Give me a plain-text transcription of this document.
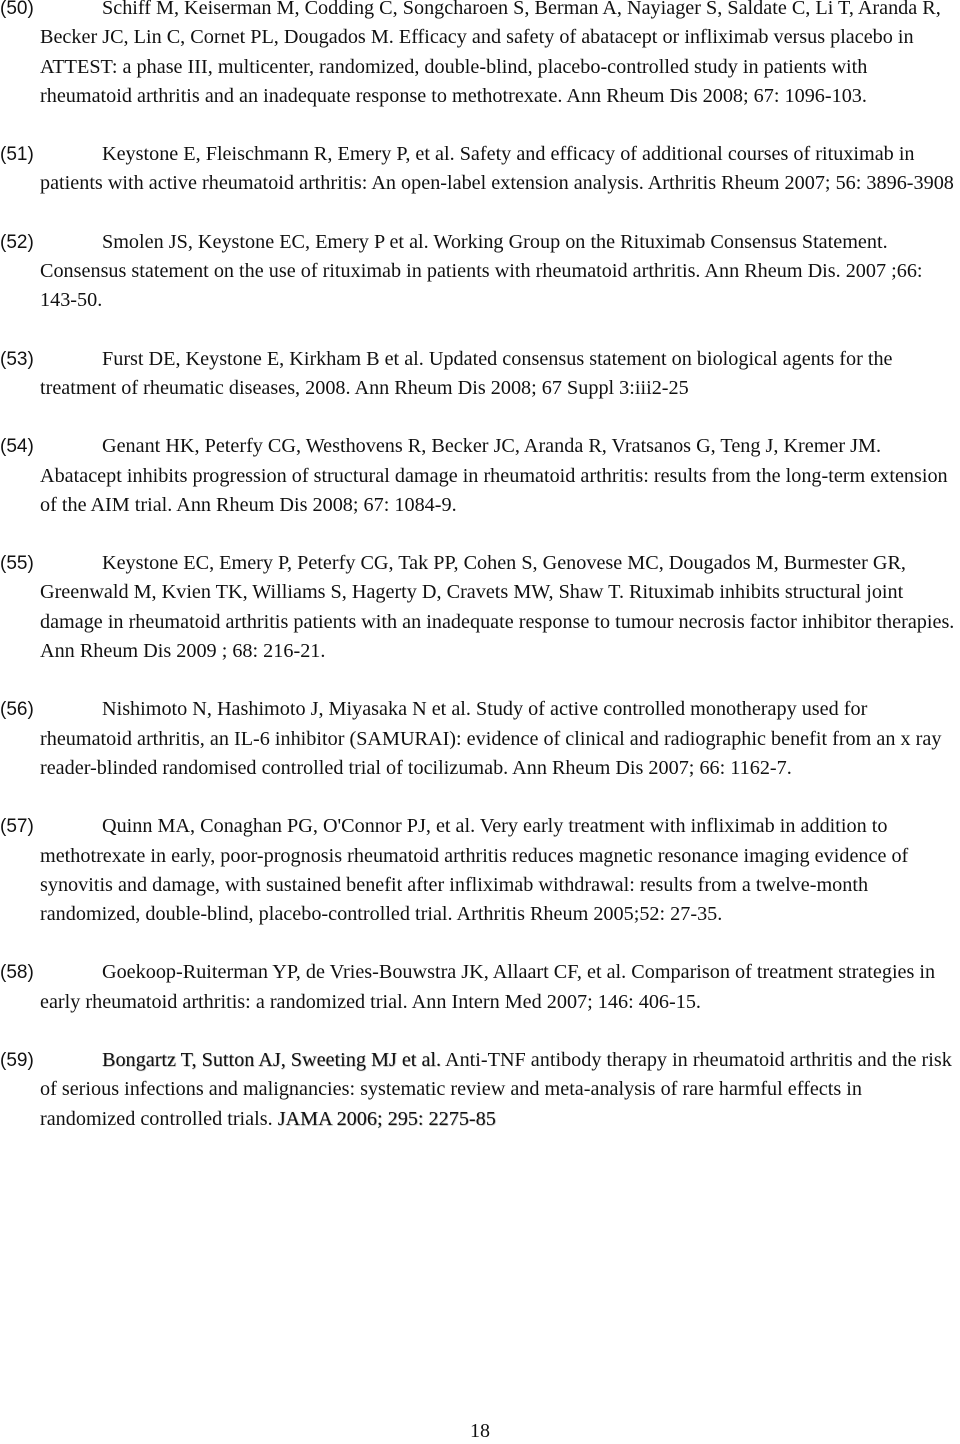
(50)	Schiff M, Keiserman M, Codding C, Songcharoen S, Berman A, Nayiager S, Saldate C, Li T, Aranda R, Becker JC, Lin C, Cornet PL, Dougados M. Efficacy and safety of abatacept or infliximab versus placebo in ATTEST: a phase III, multicenter, randomized, double-blind, placebo-controlled study in patients with rheumatoid arthritis and an inadequate response to methotrexate. Ann Rheum Dis 2008; 67: 1096-103.
(51)	Keystone E, Fleischmann R, Emery P, et al. Safety and efficacy of additional courses of rituximab in patients with active rheumatoid arthritis: An open-label extension analysis. Arthritis Rheum 2007; 56: 3896-3908
(52)	Smolen JS, Keystone EC, Emery P et al. Working Group on the Rituximab Consensus Statement. Consensus statement on the use of rituximab in patients with rheumatoid arthritis. Ann Rheum Dis. 2007 ;66: 143-50.
(53)	Furst DE, Keystone E, Kirkham B et al. Updated consensus statement on biological agents for the treatment of rheumatic diseases, 2008. Ann Rheum Dis 2008; 67 Suppl 3:iii2-25
(54)	Genant HK, Peterfy CG, Westhovens R, Becker JC, Aranda R, Vratsanos G, Teng J, Kremer JM. Abatacept inhibits progression of structural damage in rheumatoid arthritis: results from the long-term extension of the AIM trial. Ann Rheum Dis 2008; 67: 1084-9.
(55)	Keystone EC, Emery P, Peterfy CG, Tak PP, Cohen S, Genovese MC, Dougados M, Burmester GR, Greenwald M, Kvien TK, Williams S, Hagerty D, Cravets MW, Shaw T. Rituximab inhibits structural joint damage in rheumatoid arthritis patients with an inadequate response to tumour necrosis factor inhibitor therapies. Ann Rheum Dis 2009 ; 68: 216-21.
(56)	Nishimoto N, Hashimoto J, Miyasaka N et al. Study of active controlled monotherapy used for rheumatoid arthritis, an IL-6 inhibitor (SAMURAI): evidence of clinical and radiographic benefit from an x ray reader-blinded randomised controlled trial of tocilizumab. Ann Rheum Dis 2007; 66: 1162-7.
(57)	Quinn MA, Conaghan PG, O'Connor PJ, et al. Very early treatment with infliximab in addition to methotrexate in early, poor-prognosis rheumatoid arthritis reduces magnetic resonance imaging evidence of synovitis and damage, with sustained benefit after infliximab withdrawal: results from a twelve-month randomized, double-blind, placebo-controlled trial. Arthritis Rheum 2005;52: 27-35.
(58)	Goekoop-Ruiterman YP, de Vries-Bouwstra JK, Allaart CF, et al. Comparison of treatment strategies in early rheumatoid arthritis: a randomized trial. Ann Intern Med 2007; 146: 406-15.
(59)	Bongartz T, Sutton AJ, Sweeting MJ et al. Anti-TNF antibody therapy in rheumatoid arthritis and the risk of serious infections and malignancies: systematic review and meta-analysis of rare harmful effects in randomized controlled trials. JAMA 2006; 295: 2275-85
18
